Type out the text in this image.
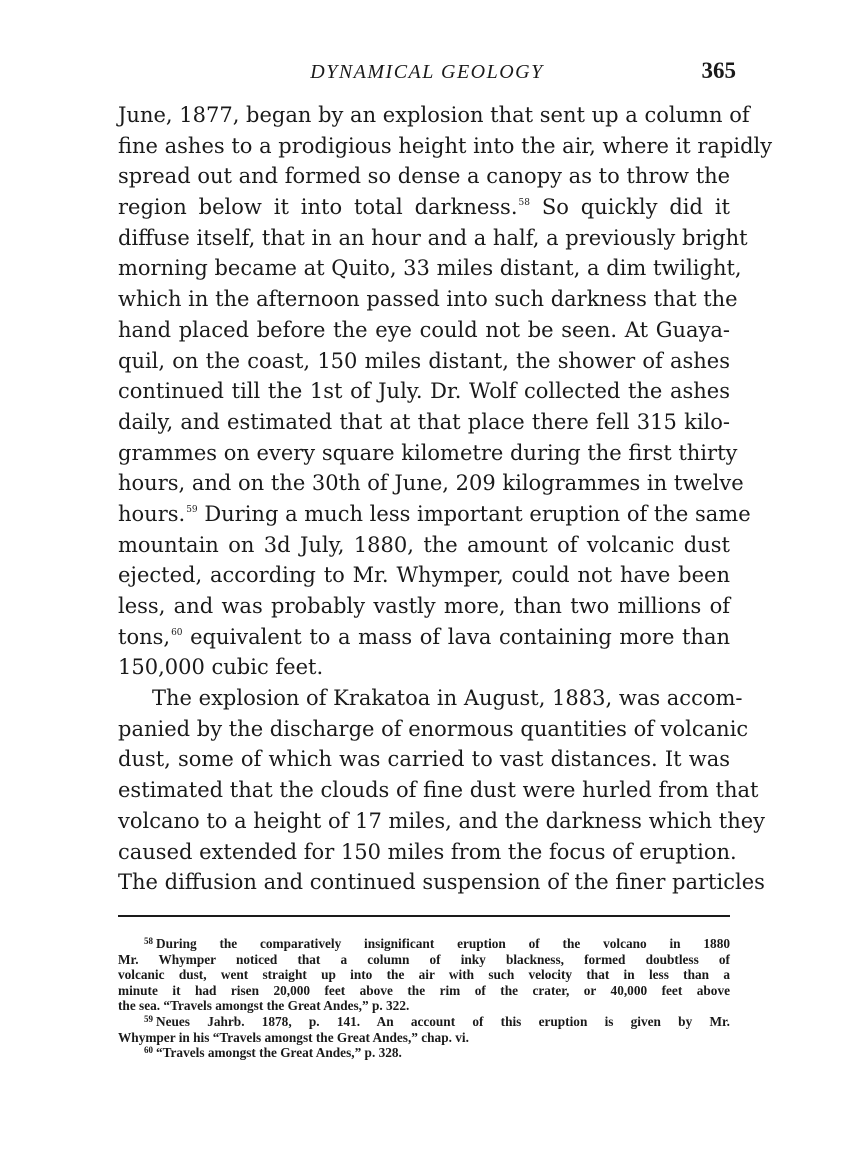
DYNAMICAL GEOLOGY	365
June, 1877, began by an explosion that sent up a column of
fine ashes to a prodigious height into the air, where it rapidly
spread out and formed so dense a canopy as to throw the
region below it into total darkness.$^{58}$ So quickly did it
diffuse itself, that in an hour and a half, a previously bright
morning became at Quito, 33 miles distant, a dim twilight,
which in the afternoon passed into such darkness that the
hand placed before the eye could not be seen. At Guaya-
quil, on the coast, 150 miles distant, the shower of ashes
continued till the 1st of July. Dr. Wolf collected the ashes
daily, and estimated that at that place there fell 315 kilo-
grammes on every square kilometre during the first thirty
hours, and on the 30th of June, 209 kilogrammes in twelve
hours.$^{59}$ During a much less important eruption of the same
mountain on 3d July, 1880, the amount of volcanic dust
ejected, according to Mr. Whymper, could not have been
less, and was probably vastly more, than two millions of
tons,$^{60}$ equivalent to a mass of lava containing more than
150,000 cubic feet.
The explosion of Krakatoa in August, 1883, was accom-
panied by the discharge of enormous quantities of volcanic
dust, some of which was carried to vast distances. It was
estimated that the clouds of fine dust were hurled from that
volcano to a height of 17 miles, and the darkness which they
caused extended for 150 miles from the focus of eruption.
The diffusion and continued suspension of the finer particles
$^{58}$ During the comparatively insignificant eruption of the volcano in 1880
Mr. Whymper noticed that a column of inky blackness, formed doubtless of
volcanic dust, went straight up into the air with such velocity that in less than a
minute it had risen 20,000 feet above the rim of the crater, or 40,000 feet above
the sea. “Travels amongst the Great Andes,” p. 322.
$^{59}$ Neues Jahrb. 1878, p. 141. An account of this eruption is given by Mr.
Whymper in his “Travels amongst the Great Andes,” chap. vi.
$^{60}$ “Travels amongst the Great Andes,” p. 328.
